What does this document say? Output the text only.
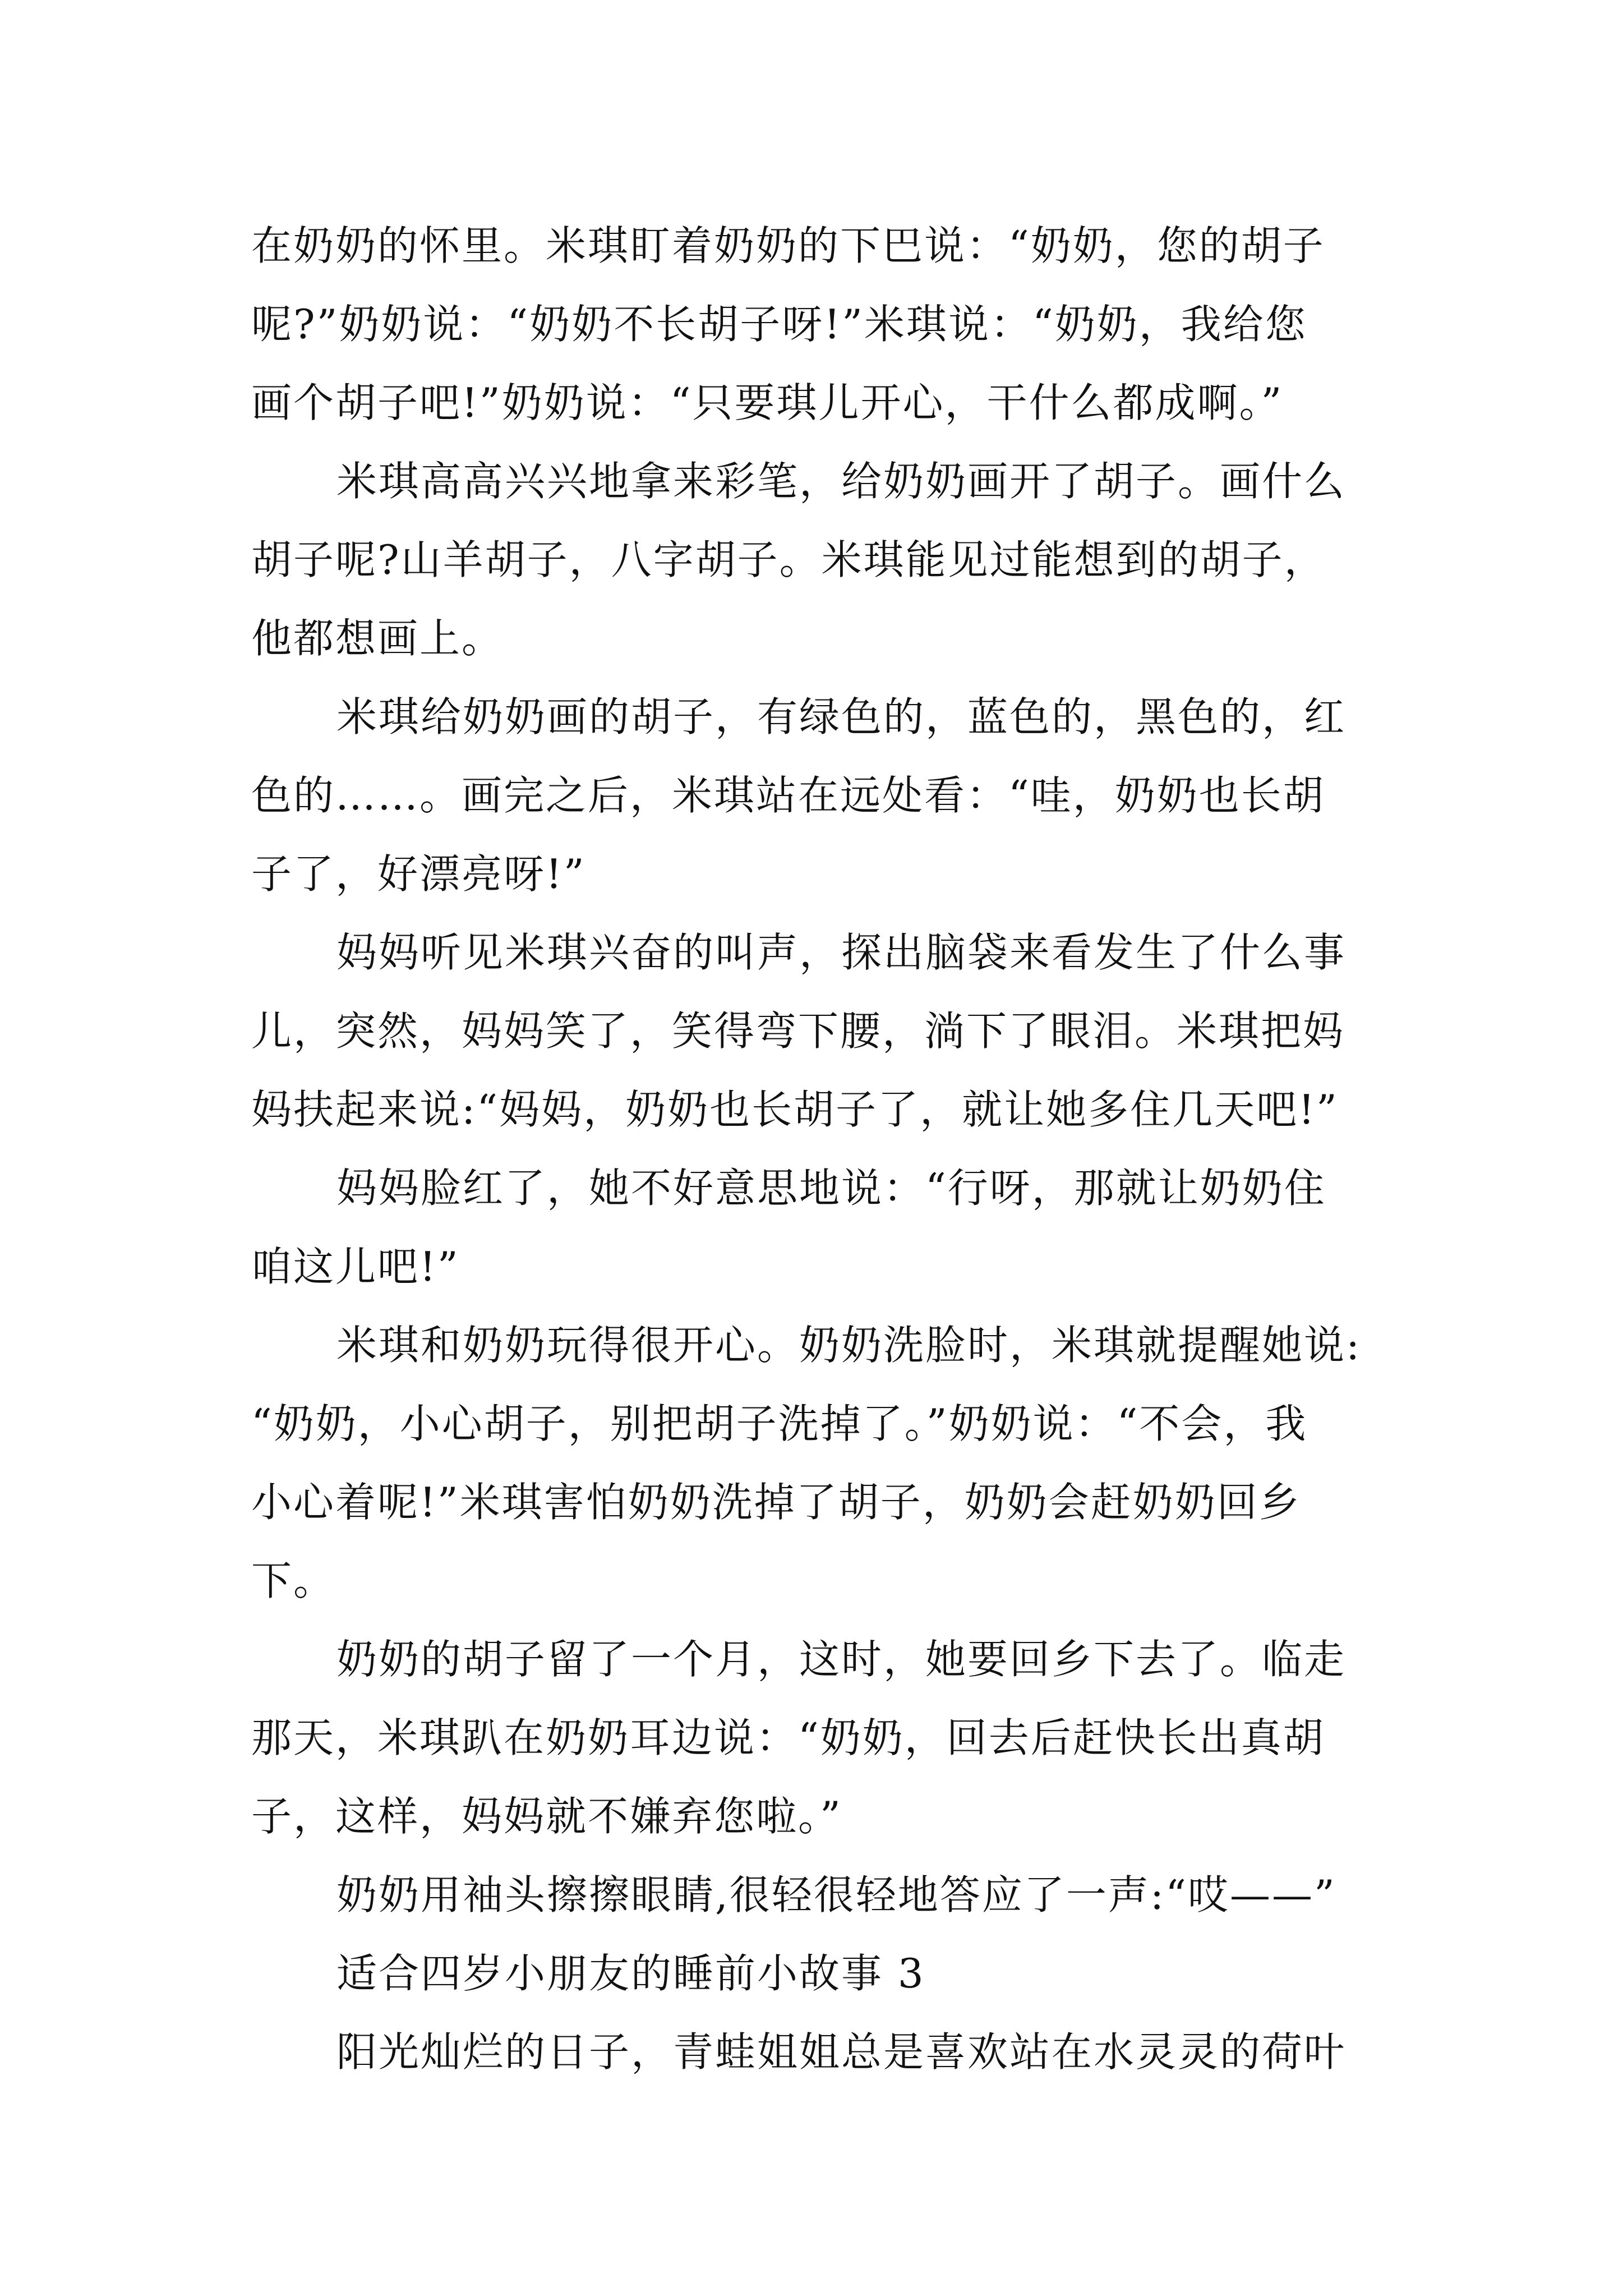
在奶奶的怀里。米琪盯着奶奶的下巴说：“奶奶，您的胡子

呢?”奶奶说：“奶奶不长胡子呀!”米琪说：“奶奶，我给您

画个胡子吧!”奶奶说：“只要琪儿开心，干什么都成啊。”

米琪高高兴兴地拿来彩笔，给奶奶画开了胡子。画什么

胡子呢?山羊胡子，八字胡子。米琪能见过能想到的胡子，

他都想画上。

米琪给奶奶画的胡子，有绿色的，蓝色的，黑色的，红

色的……。画完之后，米琪站在远处看：“哇，奶奶也长胡

子了，好漂亮呀!”

妈妈听见米琪兴奋的叫声，探出脑袋来看发生了什么事

儿，突然，妈妈笑了，笑得弯下腰，淌下了眼泪。米琪把妈

妈扶起来说:“妈妈，奶奶也长胡子了，就让她多住几天吧!”

妈妈脸红了，她不好意思地说：“行呀，那就让奶奶住

咱这儿吧!”

米琪和奶奶玩得很开心。奶奶洗脸时，米琪就提醒她说:

“奶奶，小心胡子，别把胡子洗掉了。”奶奶说：“不会，我

小心着呢!”米琪害怕奶奶洗掉了胡子，奶奶会赶奶奶回乡

下。

奶奶的胡子留了一个月，这时，她要回乡下去了。临走

那天，米琪趴在奶奶耳边说：“奶奶，回去后赶快长出真胡

子，这样，妈妈就不嫌弃您啦。”

奶奶用袖头擦擦眼睛,很轻很轻地答应了一声:“哎——”

适合四岁小朋友的睡前小故事 3

阳光灿烂的日子，青蛙姐姐总是喜欢站在水灵灵的荷叶
